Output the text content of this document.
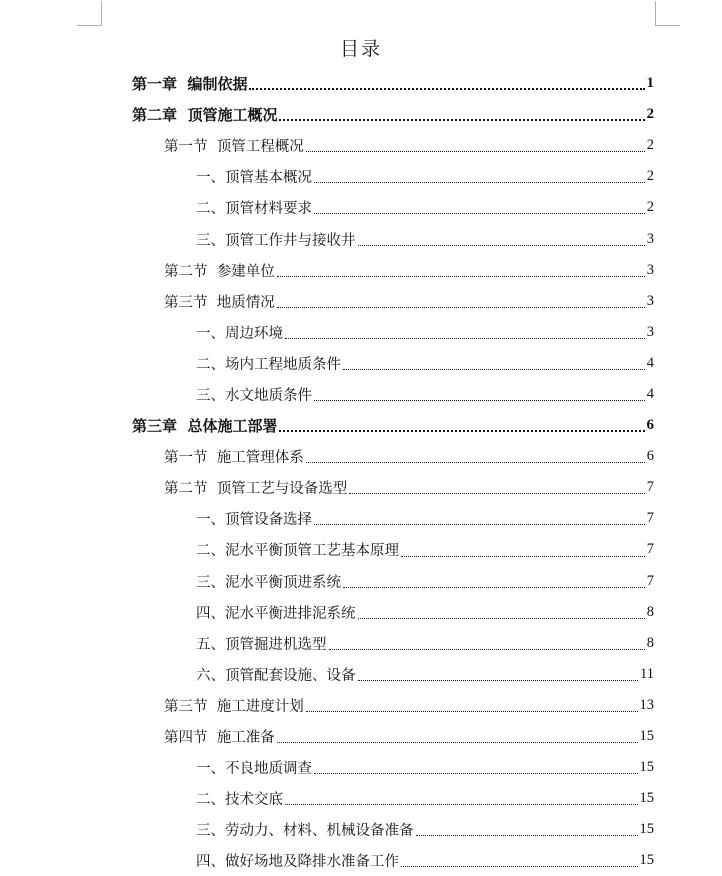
目录
第一章  编制依据	1
第二章  顶管施工概况	2
第一节  顶管工程概况	2
一、顶管基本概况	2
二、顶管材料要求	2
三、顶管工作井与接收井	3
第二节  参建单位	3
第三节  地质情况	3
一、周边环境	3
二、场内工程地质条件	4
三、水文地质条件	4
第三章  总体施工部署	6
第一节  施工管理体系	6
第二节  顶管工艺与设备选型	7
一、顶管设备选择	7
二、泥水平衡顶管工艺基本原理	7
三、泥水平衡顶进系统	7
四、泥水平衡进排泥系统	8
五、顶管掘进机选型	8
六、顶管配套设施、设备	11
第三节  施工进度计划	13
第四节  施工准备	15
一、不良地质调查	15
二、技术交底	15
三、劳动力、材料、机械设备准备	15
四、做好场地及降排水准备工作	15
